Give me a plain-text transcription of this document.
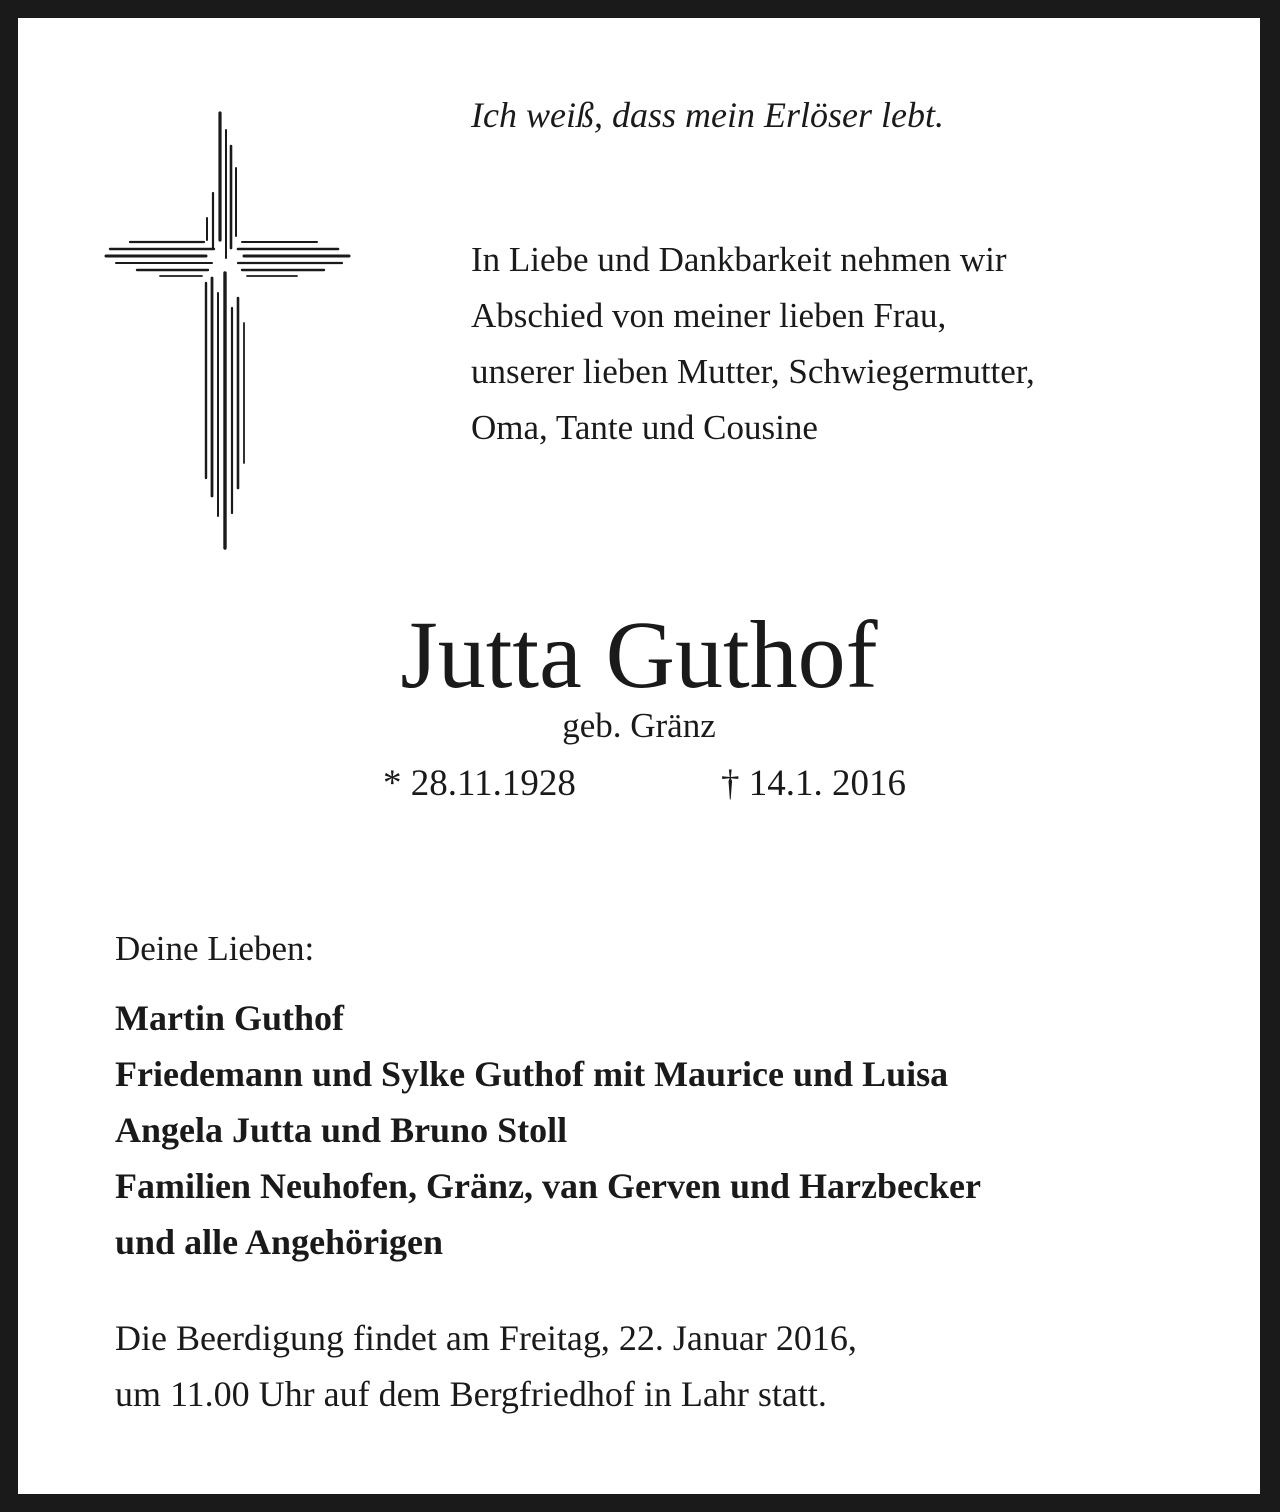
Ich weiß, dass mein Erlöser lebt.
In Liebe und Dankbarkeit nehmen wir
Abschied von meiner lieben Frau,
unserer lieben Mutter, Schwiegermutter,
Oma, Tante und Cousine
Jutta Guthof
geb. Gränz
* 28.11.1928	† 14.1. 2016
Deine Lieben:
Martin Guthof
Friedemann und Sylke Guthof mit Maurice und Luisa
Angela Jutta und Bruno Stoll
Familien Neuhofen, Gränz, van Gerven und Harzbecker
und alle Angehörigen
Die Beerdigung findet am Freitag, 22. Januar 2016,
um 11.00 Uhr auf dem Bergfriedhof in Lahr statt.
